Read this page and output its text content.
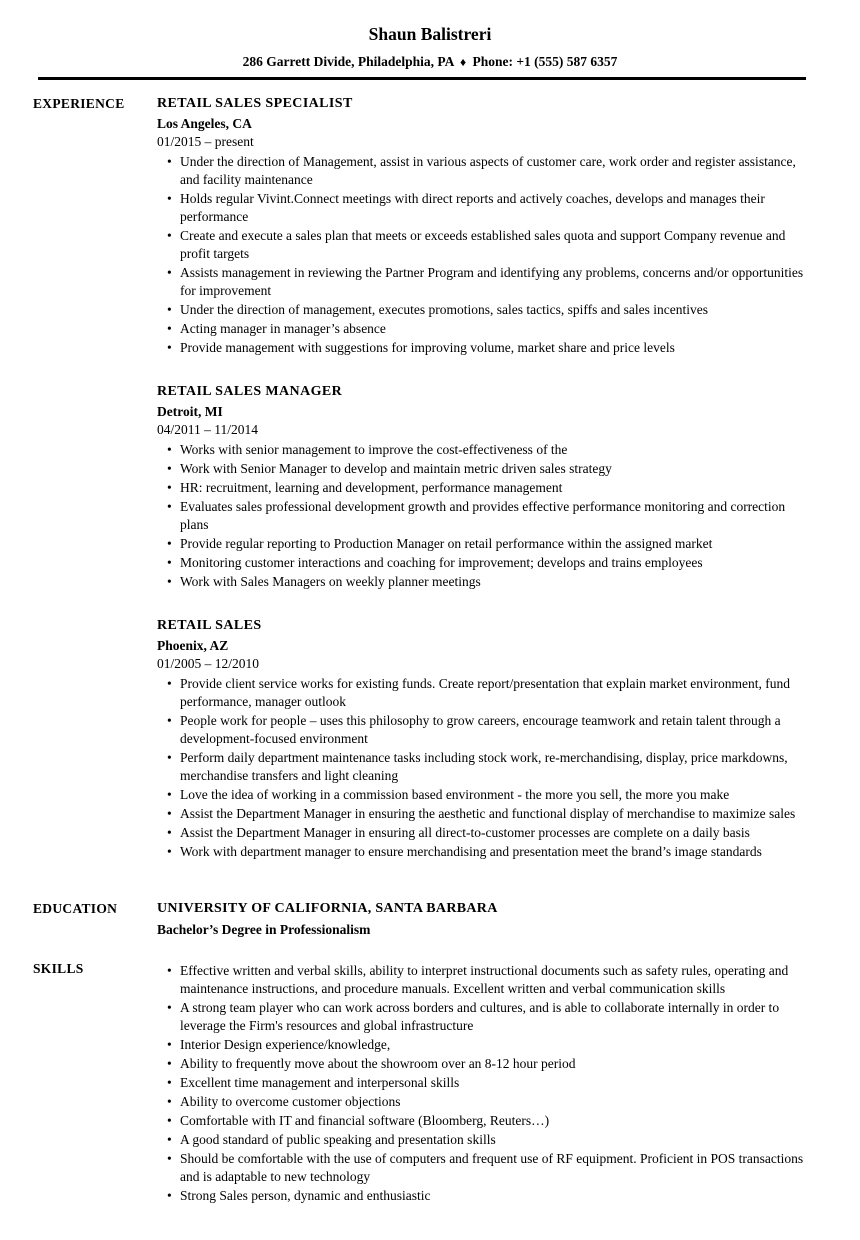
Shaun Balistreri
286 Garrett Divide, Philadelphia, PA ♦ Phone: +1 (555) 587 6357
EXPERIENCE	RETAIL SALES SPECIALIST
Los Angeles, CA
01/2015 – present
• Under the direction of Management, assist in various aspects of customer care, work order and register assistance, and facility maintenance
• Holds regular Vivint.Connect meetings with direct reports and actively coaches, develops and manages their performance
• Create and execute a sales plan that meets or exceeds established sales quota and support Company revenue and profit targets
• Assists management in reviewing the Partner Program and identifying any problems, concerns and/or opportunities for improvement
• Under the direction of management, executes promotions, sales tactics, spiffs and sales incentives
• Acting manager in manager’s absence
• Provide management with suggestions for improving volume, market share and price levels
RETAIL SALES MANAGER
Detroit, MI
04/2011 – 11/2014
• Works with senior management to improve the cost-effectiveness of the
• Work with Senior Manager to develop and maintain metric driven sales strategy
• HR: recruitment, learning and development, performance management
• Evaluates sales professional development growth and provides effective performance monitoring and correction plans
• Provide regular reporting to Production Manager on retail performance within the assigned market
• Monitoring customer interactions and coaching for improvement; develops and trains employees
• Work with Sales Managers on weekly planner meetings
RETAIL SALES
Phoenix, AZ
01/2005 – 12/2010
• Provide client service works for existing funds. Create report/presentation that explain market environment, fund performance, manager outlook
• People work for people – uses this philosophy to grow careers, encourage teamwork and retain talent through a development-focused environment
• Perform daily department maintenance tasks including stock work, re-merchandising, display, price markdowns, merchandise transfers and light cleaning
• Love the idea of working in a commission based environment - the more you sell, the more you make
• Assist the Department Manager in ensuring the aesthetic and functional display of merchandise to maximize sales
• Assist the Department Manager in ensuring all direct-to-customer processes are complete on a daily basis
• Work with department manager to ensure merchandising and presentation meet the brand’s image standards
EDUCATION	UNIVERSITY OF CALIFORNIA, SANTA BARBARA
Bachelor’s Degree in Professionalism
SKILLS	• Effective written and verbal skills, ability to interpret instructional documents such as safety rules, operating and maintenance instructions, and procedure manuals. Excellent written and verbal communication skills
• A strong team player who can work across borders and cultures, and is able to collaborate internally in order to leverage the Firm's resources and global infrastructure
• Interior Design experience/knowledge,
• Ability to frequently move about the showroom over an 8-12 hour period
• Excellent time management and interpersonal skills
• Ability to overcome customer objections
• Comfortable with IT and financial software (Bloomberg, Reuters…)
• A good standard of public speaking and presentation skills
• Should be comfortable with the use of computers and frequent use of RF equipment. Proficient in POS transactions and is adaptable to new technology
• Strong Sales person, dynamic and enthusiastic
